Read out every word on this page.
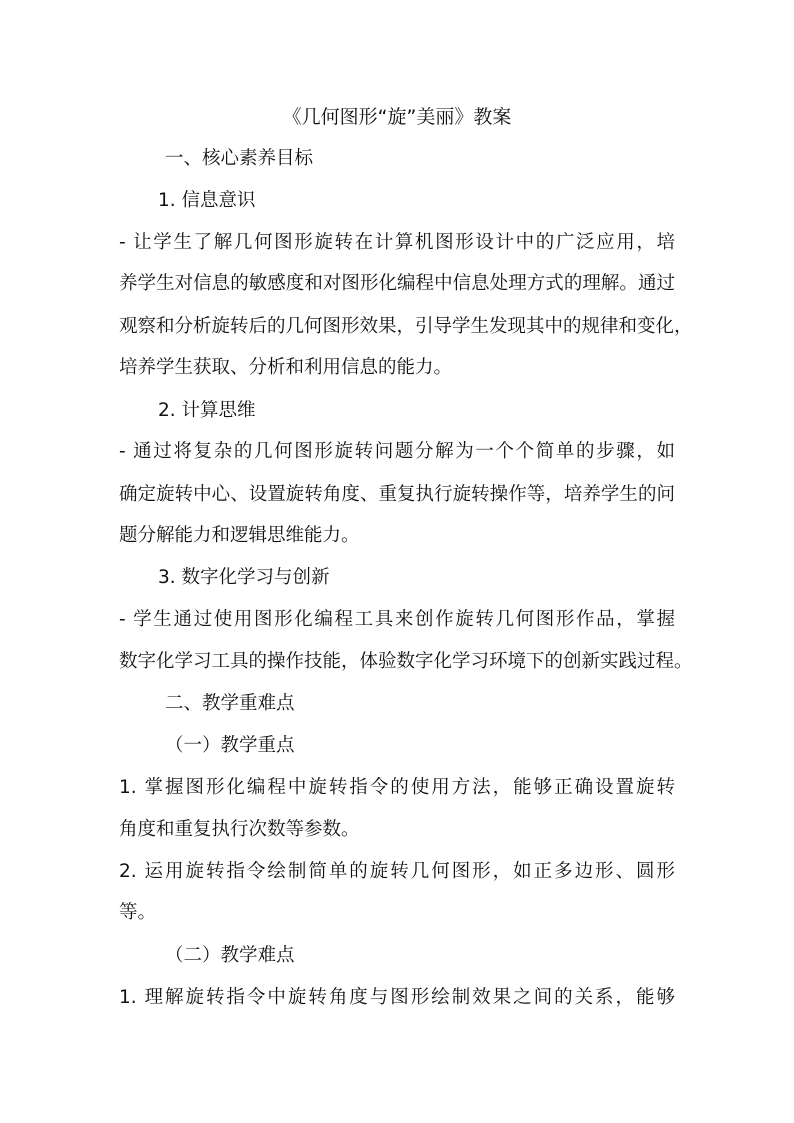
《几何图形“旋”美丽》教案
一、核心素养目标
1. 信息意识
- 让学生了解几何图形旋转在计算机图形设计中的广泛应用，培
养学生对信息的敏感度和对图形化编程中信息处理方式的理解。通过
观察和分析旋转后的几何图形效果，引导学生发现其中的规律和变化，
培养学生获取、分析和利用信息的能力。
2. 计算思维
- 通过将复杂的几何图形旋转问题分解为一个个简单的步骤，如
确定旋转中心、设置旋转角度、重复执行旋转操作等，培养学生的问
题分解能力和逻辑思维能力。
3. 数字化学习与创新
- 学生通过使用图形化编程工具来创作旋转几何图形作品，掌握
数字化学习工具的操作技能，体验数字化学习环境下的创新实践过程。
二、教学重难点
（一）教学重点
1. 掌握图形化编程中旋转指令的使用方法，能够正确设置旋转
角度和重复执行次数等参数。
2. 运用旋转指令绘制简单的旋转几何图形，如正多边形、圆形
等。
（二）教学难点
1. 理解旋转指令中旋转角度与图形绘制效果之间的关系，能够
